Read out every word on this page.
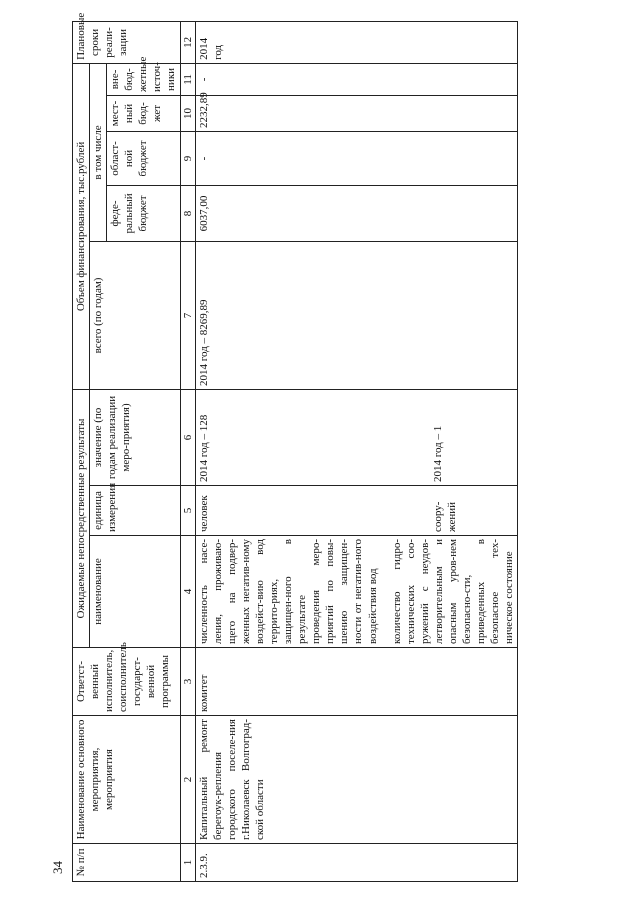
34 № п/п	Наименование основного мероприятия, мероприятия	Ответст-венный исполнитель, соисполнитель государст-венной программы	Ожидаемые непосредственные результаты			Объем финансирования, тыс.рублей					Плановые сроки реали-зации
			наименование	единица измерения	значение (по годам реализации меро-приятия)	всего (по годам)	в том числе				
							феде-ральный бюджет	област-ной бюджет	мест-ный бюд-жет	вне-бюд-жетные источ-ники	
1	2	3	4	5	6	7	8	9	10	11	12
2.3.9.	Капитальный ремонт берегоук-репления городского поселе-ния г.Николаевск Волгоград-ской области	комитет	численность насе-ления, проживаю-щего на подвер-женных негатив-ному воздейст-вию вод террито-риях, защищен-ного в результате проведения меро-приятий по повы-шению защищен-ности от негатив-ного воздействия вод количество гидро-технических соо-ружений с неудов-летворительным и опасным уров-нем безопасно-сти, приведенных в безопасное тех-ническое состояние	человек соору-жений	2014 год – 128 2014 год – 1	2014 год – 8269,89	6037,00	-	2232,89	-	2014 год
